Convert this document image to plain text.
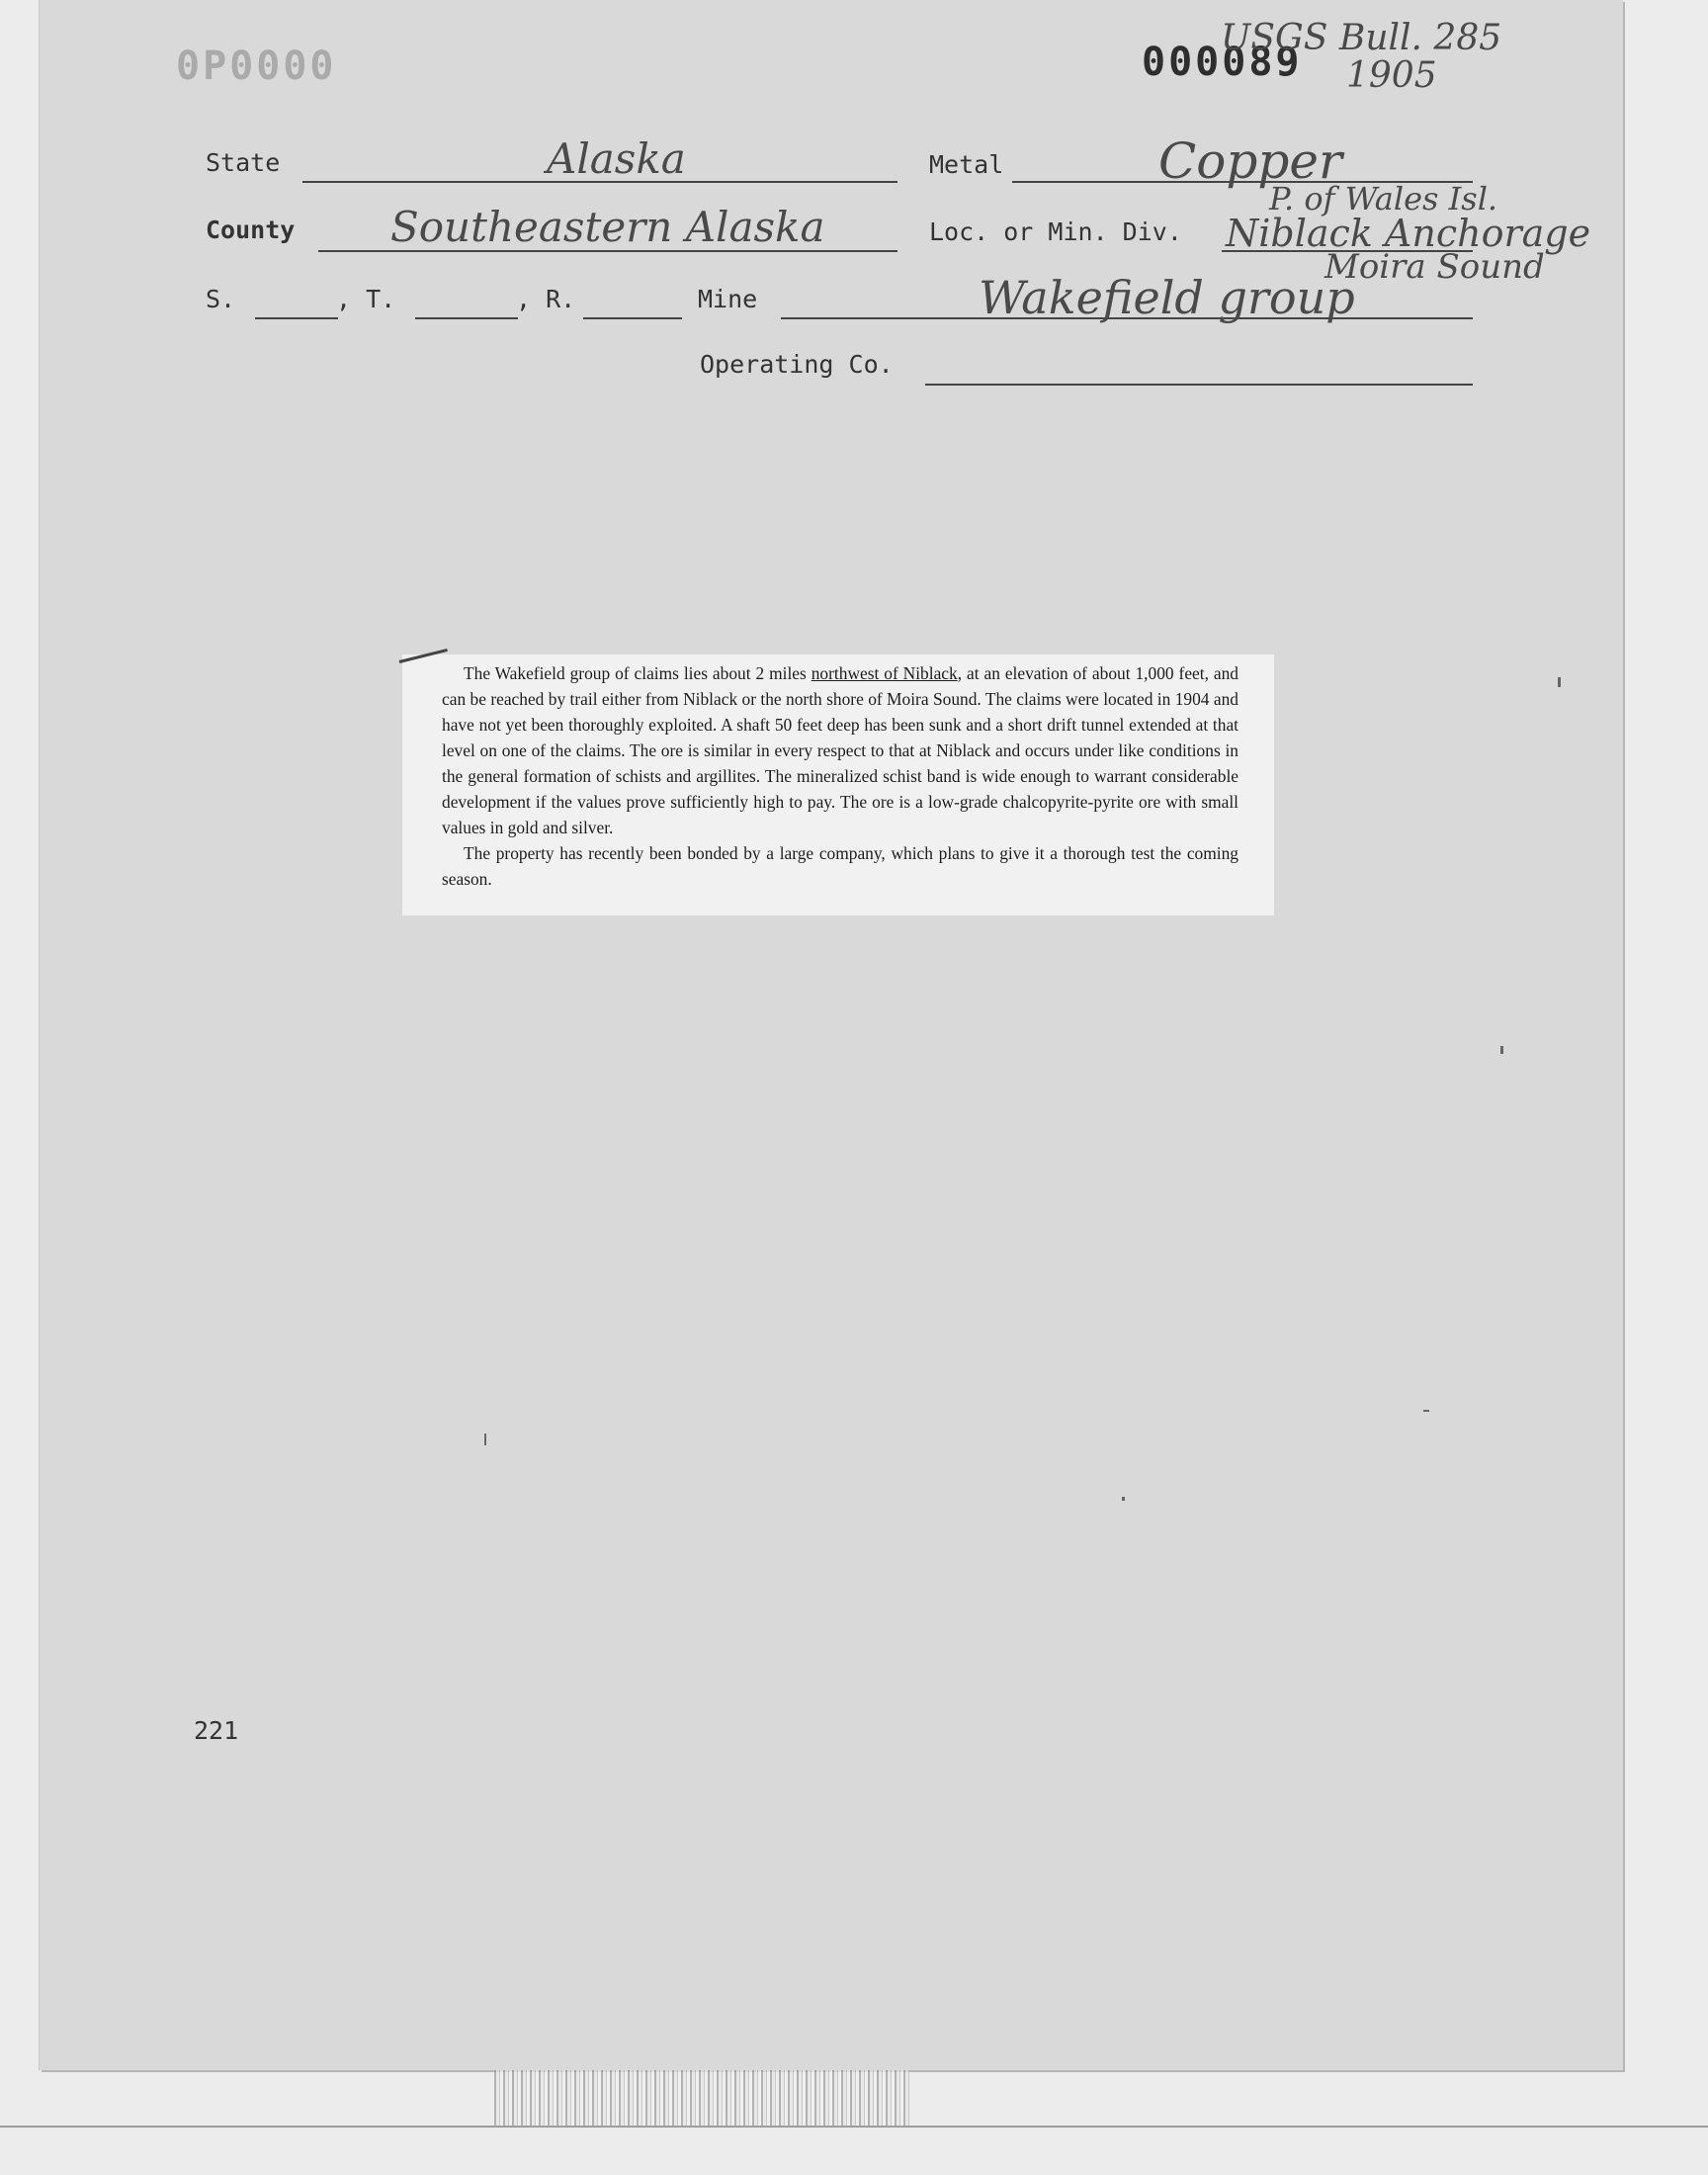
0P0000	000089
USGS Bull. 285
1905
State	Alaska	Metal	Copper
County Southeastern Alaska	Loc. or Min. Div.
P. of Wales Isl.
Niblack Anchorage
Moira Sound
S.	, T.	, R.	Mine	Wakefield group
Operating Co.

The Wakefield group of claims lies about 2 miles northwest of Niblack, at an elevation of about 1,000 feet, and can be reached by trail either from Niblack or the north shore of Moira Sound. The claims were located in 1904 and have not yet been thoroughly exploited. A shaft 50 feet deep has been sunk and a short drift tunnel extended at that level on one of the claims. The ore is similar in every respect to that at Niblack and occurs under like conditions in the general formation of schists and argillites. The mineralized schist band is wide enough to warrant considerable development if the values prove sufficiently high to pay. The ore is a low-grade chalcopyrite-pyrite ore with small values in gold and silver.

The property has recently been bonded by a large company, which plans to give it a thorough test the coming season.

221
